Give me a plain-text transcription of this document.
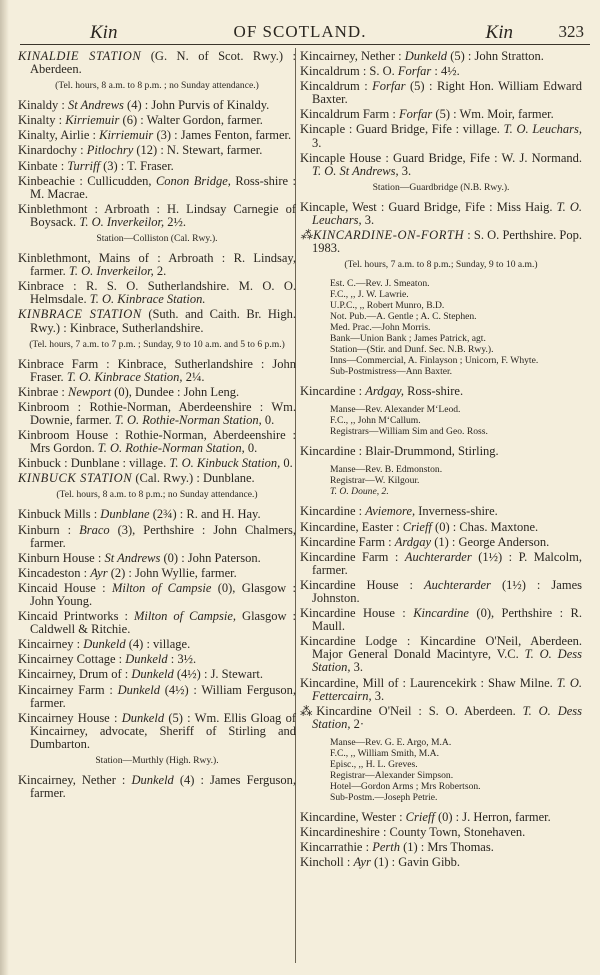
Kin	OF SCOTLAND.	Kin	323
KINALDIE STATION (G. N. of Scot. Rwy.) : Aberdeen.
(Tel. hours, 8 a.m. to 8 p.m. ; no Sunday attendance.)
Kinaldy : St Andrews (4) : John Purvis of Kinaldy.
Kinalty : Kirriemuir (6) : Walter Gordon, farmer.
Kinalty, Airlie : Kirriemuir (3) : James Fenton, farmer.
Kinardochy : Pitlochry (12) : N. Stewart, farmer.
Kinbate : Turriff (3) : T. Fraser.
Kinbeachie : Cullicudden, Conon Bridge, Ross-shire : M. Macrae.
Kinblethmont : Arbroath : H. Lindsay Carnegie of Boysack. T. O. Inverkeilor, 2½.
Station—Colliston (Cal. Rwy.).
Kinblethmont, Mains of : Arbroath : R. Lindsay, farmer. T. O. Inverkeilor, 2.
Kinbrace : R. S. O. Sutherlandshire. M. O. O. Helmsdale. T. O. Kinbrace Station.
KINBRACE STATION (Suth. and Caith. Br. High. Rwy.) : Kinbrace, Sutherlandshire.
(Tel. hours, 7 a.m. to 7 p.m. ; Sunday, 9 to 10 a.m. and 5 to 6 p.m.)
Kinbrace Farm : Kinbrace, Sutherlandshire : John Fraser. T. O. Kinbrace Station, 2¼.
Kinbrae : Newport (0), Dundee : John Leng.
Kinbroom : Rothie-Norman, Aberdeenshire : Wm. Downie, farmer. T. O. Rothie-Norman Station, 0.
Kinbroom House : Rothie-Norman, Aberdeenshire : Mrs Gordon. T. O. Rothie-Norman Station, 0.
Kinbuck : Dunblane : village. T. O. Kinbuck Station, 0.
KINBUCK STATION (Cal. Rwy.) : Dunblane.
(Tel. hours, 8 a.m. to 8 p.m.; no Sunday attendance.)
Kinbuck Mills : Dunblane (2¾) : R. and H. Hay.
Kinburn : Braco (3), Perthshire : John Chalmers, farmer.
Kinburn House : St Andrews (0) : John Paterson.
Kincadeston : Ayr (2) : John Wyllie, farmer.
Kincaid House : Milton of Campsie (0), Glasgow : John Young.
Kincaid Printworks : Milton of Campsie, Glasgow : Caldwell & Ritchie.
Kincairney : Dunkeld (4) : village.
Kincairney Cottage : Dunkeld : 3½.
Kincairney, Drum of : Dunkeld (4½) : J. Stewart.
Kincairney Farm : Dunkeld (4½) : William Ferguson, farmer.
Kincairney House : Dunkeld (5) : Wm. Ellis Gloag of Kincairney, advocate, Sheriff of Stirling and Dumbarton.
Station—Murthly (High. Rwy.).
Kincairney, Nether : Dunkeld (4) : James Ferguson, farmer.
Kincairney, Nether : Dunkeld (5) : John Stratton.
Kincaldrum : S. O. Forfar : 4½.
Kincaldrum : Forfar (5) : Right Hon. William Edward Baxter.
Kincaldrum Farm : Forfar (5) : Wm. Moir, farmer.
Kincaple : Guard Bridge, Fife : village. T. O. Leuchars, 3.
Kincaple House : Guard Bridge, Fife : W. J. Normand. T. O. St Andrews, 3.
Station—Guardbridge (N.B. Rwy.).
Kincaple, West : Guard Bridge, Fife : Miss Haig. T. O. Leuchars, 3.
⁂KINCARDINE-ON-FORTH : S. O. Perthshire. Pop. 1983.
(Tel. hours, 7 a.m. to 8 p.m.; Sunday, 9 to 10 a.m.)
Est. C.—Rev. J. Smeaton.
F.C., ,, J. W. Lawrie.
U.P.C., ,, Robert Munro, B.D.
Not. Pub.—A. Gentle ; A. C. Stephen.
Med. Prac.—John Morris.
Bank—Union Bank ; James Patrick, agt.
Station—(Stir. and Dunf. Sec. N.B. Rwy.).
Inns—Commercial, A. Finlayson ; Unicorn, F. Whyte.
Sub-Postmistress—Ann Baxter.
Kincardine : Ardgay, Ross-shire.
Manse—Rev. Alexander M‘Leod.
F.C., ,, John M‘Callum.
Registrars—William Sim and Geo. Ross.
Kincardine : Blair-Drummond, Stirling.
Manse—Rev. B. Edmonston.
Registrar—W. Kilgour.
T. O. Doune, 2.
Kincardine : Aviemore, Inverness-shire.
Kincardine, Easter : Crieff (0) : Chas. Maxtone.
Kincardine Farm : Ardgay (1) : George Anderson.
Kincardine Farm : Auchterarder (1½) : P. Malcolm, farmer.
Kincardine House : Auchterarder (1½) : James Johnston.
Kincardine House : Kincardine (0), Perthshire : R. Maull.
Kincardine Lodge : Kincardine O'Neil, Aberdeen. Major General Donald Macintyre, V.C. T. O. Dess Station, 3.
Kincardine, Mill of : Laurencekirk : Shaw Milne. T. O. Fettercairn, 3.
⁂Kincardine O'Neil : S. O. Aberdeen. T. O. Dess Station, 2·
Manse—Rev. G. E. Argo, M.A.
F.C., ,, William Smith, M.A.
Episc., ,, H. L. Greves.
Registrar—Alexander Simpson.
Hotel—Gordon Arms ; Mrs Robertson.
Sub-Postm.—Joseph Petrie.
Kincardine, Wester : Crieff (0) : J. Herron, farmer.
Kincardineshire : County Town, Stonehaven.
Kincarrathie : Perth (1) : Mrs Thomas.
Kincholl : Ayr (1) : Gavin Gibb.
